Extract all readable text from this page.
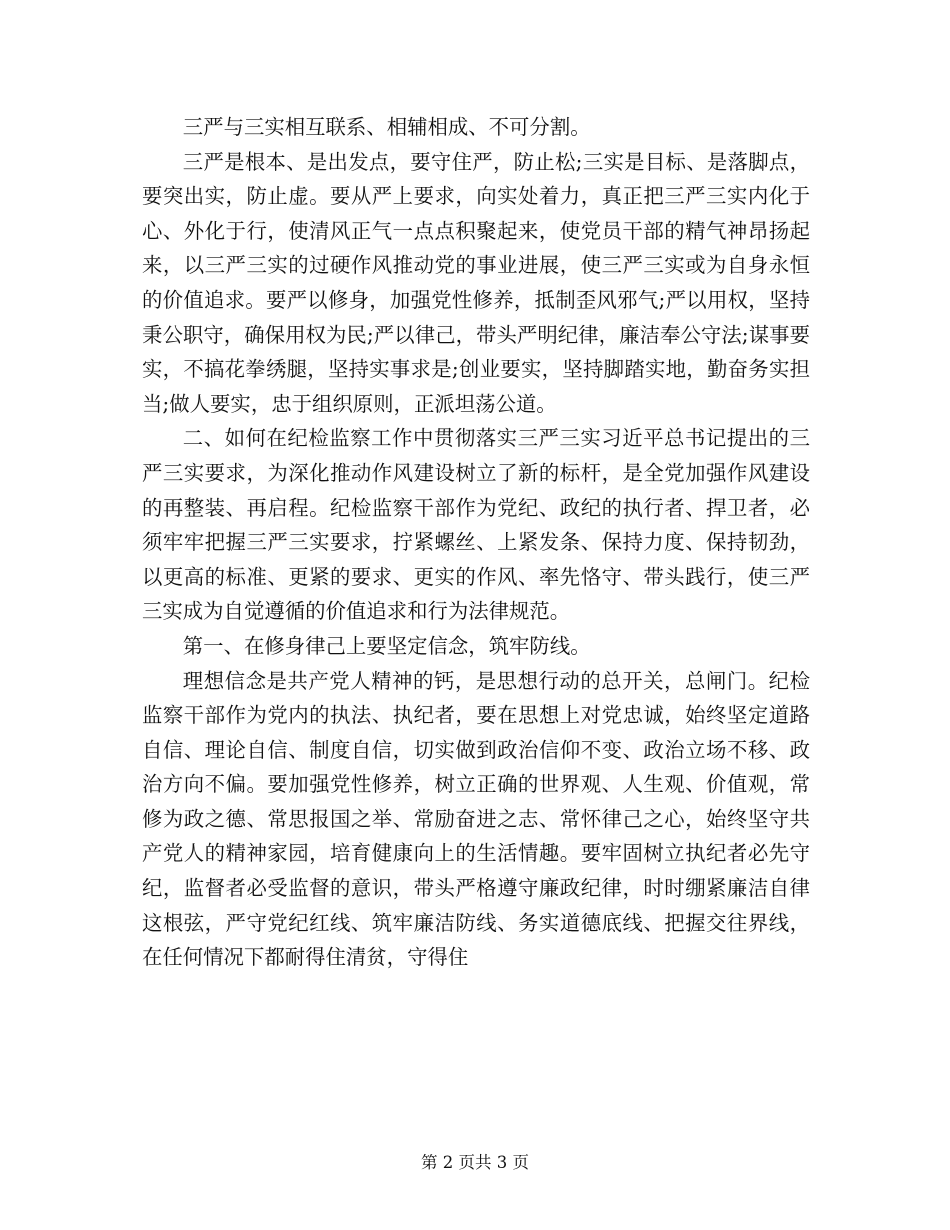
三严与三实相互联系、相辅相成、不可分割。

三严是根本、是出发点，要守住严，防止松;三实是目标、是落脚点，要突出实，防止虚。要从严上要求，向实处着力，真正把三严三实内化于心、外化于行，使清风正气一点点积聚起来，使党员干部的精气神昂扬起来，以三严三实的过硬作风推动党的事业进展，使三严三实或为自身永恒的价值追求。要严以修身，加强党性修养，抵制歪风邪气;严以用权，坚持秉公职守，确保用权为民;严以律己，带头严明纪律，廉洁奉公守法;谋事要实，不搞花拳绣腿，坚持实事求是;创业要实，坚持脚踏实地，勤奋务实担当;做人要实，忠于组织原则，正派坦荡公道。

二、如何在纪检监察工作中贯彻落实三严三实习近平总书记提出的三严三实要求，为深化推动作风建设树立了新的标杆，是全党加强作风建设的再整装、再启程。纪检监察干部作为党纪、政纪的执行者、捍卫者，必须牢牢把握三严三实要求，拧紧螺丝、上紧发条、保持力度、保持韧劲，以更高的标准、更紧的要求、更实的作风、率先恪守、带头践行，使三严三实成为自觉遵循的价值追求和行为法律规范。

第一、在修身律己上要坚定信念，筑牢防线。

理想信念是共产党人精神的钙，是思想行动的总开关，总闸门。纪检监察干部作为党内的执法、执纪者，要在思想上对党忠诚，始终坚定道路自信、理论自信、制度自信，切实做到政治信仰不变、政治立场不移、政治方向不偏。要加强党性修养，树立正确的世界观、人生观、价值观，常修为政之德、常思报国之举、常励奋进之志、常怀律己之心，始终坚守共产党人的精神家园，培育健康向上的生活情趣。要牢固树立执纪者必先守纪，监督者必受监督的意识，带头严格遵守廉政纪律，时时绷紧廉洁自律这根弦，严守党纪红线、筑牢廉洁防线、务实道德底线、把握交往界线，在任何情况下都耐得住清贫，守得住

第 2 页共 3 页
